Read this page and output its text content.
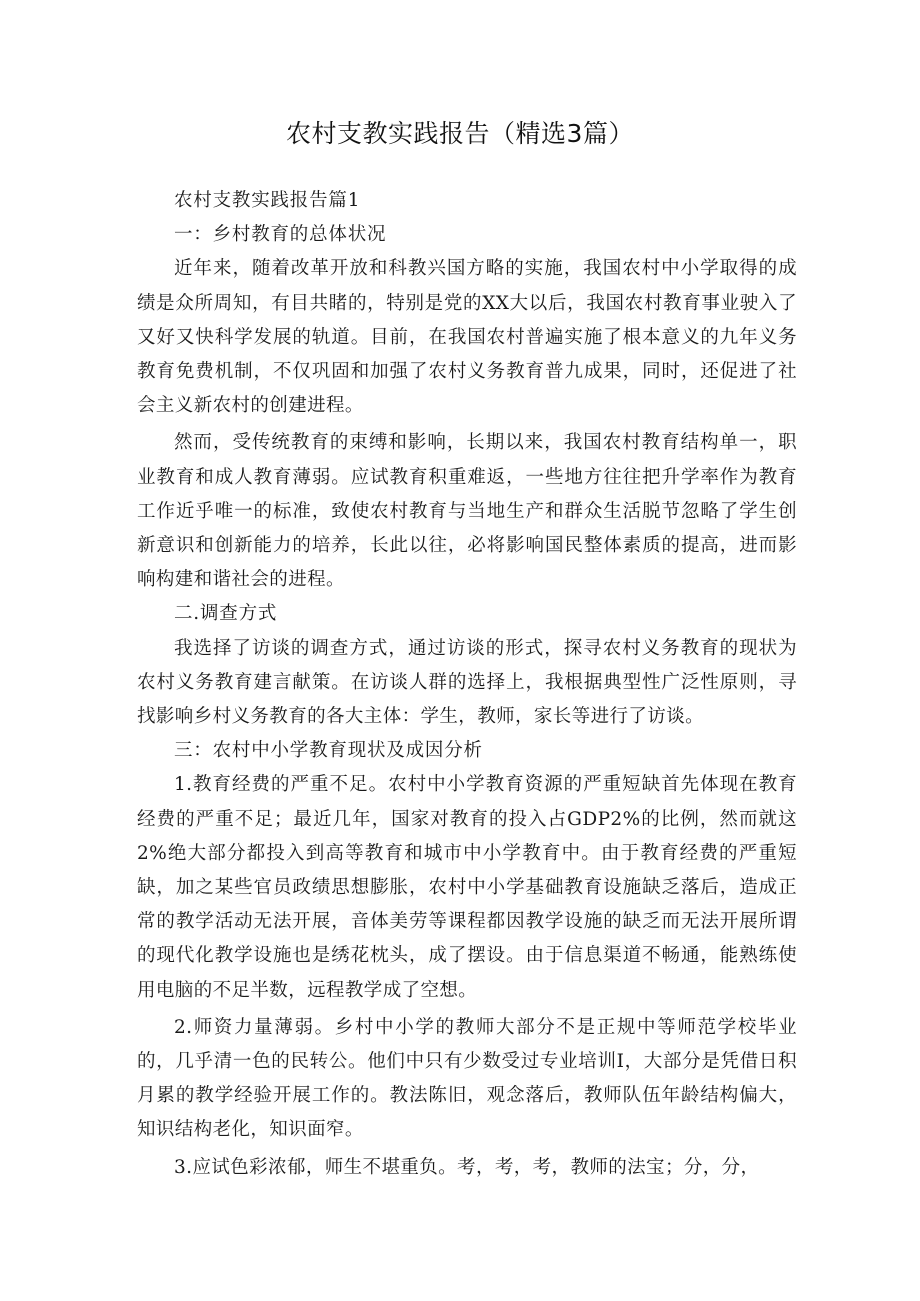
农村支教实践报告（精选3篇）

农村支教实践报告篇1

一：乡村教育的总体状况

近年来，随着改革开放和科教兴国方略的实施，我国农村中小学取得的成绩是众所周知，有目共睹的，特别是党的XX大以后，我国农村教育事业驶入了又好又快科学发展的轨道。目前，在我国农村普遍实施了根本意义的九年义务教育免费机制，不仅巩固和加强了农村义务教育普九成果，同时，还促进了社会主义新农村的创建进程。

然而，受传统教育的束缚和影响，长期以来，我国农村教育结构单一，职业教育和成人教育薄弱。应试教育积重难返，一些地方往往把升学率作为教育工作近乎唯一的标准，致使农村教育与当地生产和群众生活脱节忽略了学生创新意识和创新能力的培养，长此以往，必将影响国民整体素质的提高，进而影响构建和谐社会的进程。

二.调查方式

我选择了访谈的调查方式，通过访谈的形式，探寻农村义务教育的现状为农村义务教育建言献策。在访谈人群的选择上，我根据典型性广泛性原则，寻找影响乡村义务教育的各大主体：学生，教师，家长等进行了访谈。

三：农村中小学教育现状及成因分析

1.教育经费的严重不足。农村中小学教育资源的严重短缺首先体现在教育经费的严重不足；最近几年，国家对教育的投入占GDP2%的比例，然而就这2%绝大部分都投入到高等教育和城市中小学教育中。由于教育经费的严重短缺，加之某些官员政绩思想膨胀，农村中小学基础教育设施缺乏落后，造成正常的教学活动无法开展，音体美劳等课程都因教学设施的缺乏而无法开展所谓的现代化教学设施也是绣花枕头，成了摆设。由于信息渠道不畅通，能熟练使用电脑的不足半数，远程教学成了空想。

2.师资力量薄弱。乡村中小学的教师大部分不是正规中等师范学校毕业的，几乎清一色的民转公。他们中只有少数受过专业培训I，大部分是凭借日积月累的教学经验开展工作的。教法陈旧，观念落后，教师队伍年龄结构偏大，知识结构老化，知识面窄。

3.应试色彩浓郁，师生不堪重负。考，考，考，教师的法宝；分，分，
